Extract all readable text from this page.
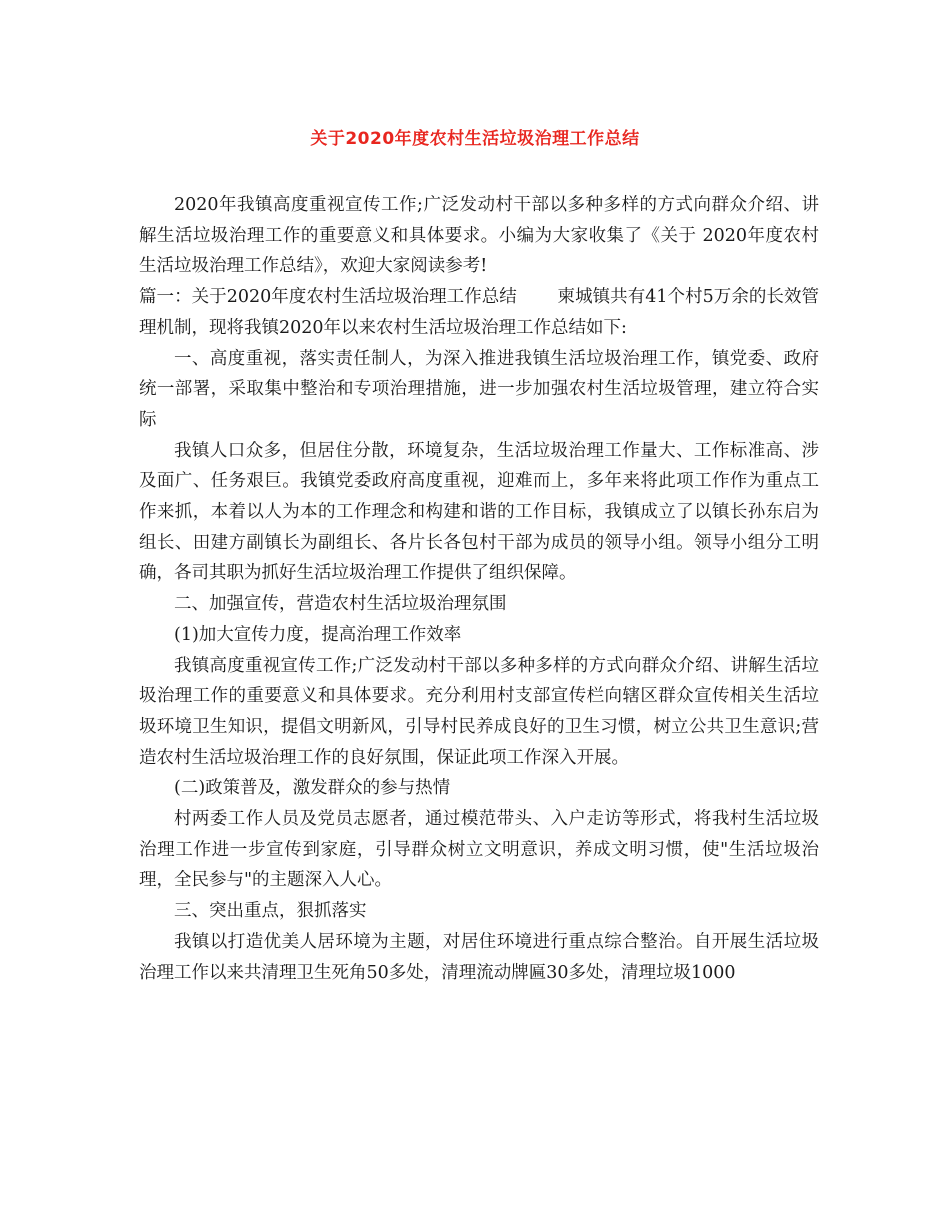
关于2020年度农村生活垃圾治理工作总结

2020年我镇高度重视宣传工作;广泛发动村干部以多种多样的方式向群众介绍、讲解生活垃圾治理工作的重要意义和具体要求。小编为大家收集了《关于 2020年度农村生活垃圾治理工作总结》，欢迎大家阅读参考!

篇一：关于2020年度农村生活垃圾治理工作总结　　 柬城镇共有41个村5万余的长效管理机制，现将我镇2020年以来农村生活垃圾治理工作总结如下:

一、高度重视，落实责任制人，为深入推进我镇生活垃圾治理工作，镇党委、政府统一部署，采取集中整治和专项治理措施，进一步加强农村生活垃圾管理，建立符合实际

我镇人口众多，但居住分散，环境复杂，生活垃圾治理工作量大、工作标准高、涉及面广、任务艰巨。我镇党委政府高度重视，迎难而上，多年来将此项工作作为重点工作来抓，本着以人为本的工作理念和构建和谐的工作目标，我镇成立了以镇长孙东启为组长、田建方副镇长为副组长、各片长各包村干部为成员的领导小组。领导小组分工明确，各司其职为抓好生活垃圾治理工作提供了组织保障。

二、加强宣传，营造农村生活垃圾治理氛围

(1)加大宣传力度，提高治理工作效率

我镇高度重视宣传工作;广泛发动村干部以多种多样的方式向群众介绍、讲解生活垃圾治理工作的重要意义和具体要求。充分利用村支部宣传栏向辖区群众宣传相关生活垃圾环境卫生知识，提倡文明新风，引导村民养成良好的卫生习惯，树立公共卫生意识;营造农村生活垃圾治理工作的良好氛围，保证此项工作深入开展。

(二)政策普及，激发群众的参与热情

村两委工作人员及党员志愿者，通过模范带头、入户走访等形式，将我村生活垃圾治理工作进一步宣传到家庭，引导群众树立文明意识，养成文明习惯，使"生活垃圾治理，全民参与"的主题深入人心。

三、突出重点，狠抓落实

我镇以打造优美人居环境为主题，对居住环境进行重点综合整治。自开展生活垃圾治理工作以来共清理卫生死角50多处，清理流动牌匾30多处，清理垃圾1000
